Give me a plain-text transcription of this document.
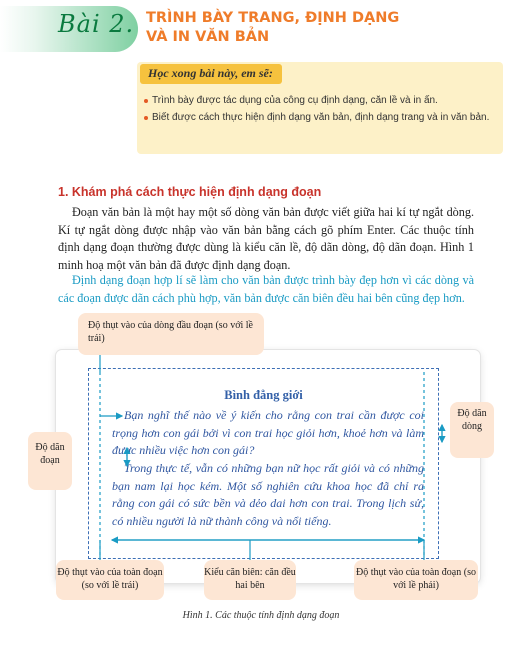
Bài 2. TRÌNH BÀY TRANG, ĐỊNH DẠNG
VÀ IN VĂN BẢN
Học xong bài này, em sẽ:
Trình bày được tác dụng của công cụ định dạng, căn lề và in ấn.
Biết được cách thực hiện định dạng văn bản, định dạng trang và in văn bản.
1. Khám phá cách thực hiện định dạng đoạn

Đoạn văn bản là một hay một số dòng văn bản được viết giữa hai kí tự ngắt dòng. Kí tự ngắt dòng được nhập vào văn bản bằng cách gõ phím Enter. Các thuộc tính định dạng đoạn thường được dùng là kiểu căn lề, độ dãn dòng, độ dãn đoạn. Hình 1 minh hoạ một văn bản đã được định dạng đoạn.

Định dạng đoạn hợp lí sẽ làm cho văn bản được trình bày đẹp hơn vì các dòng và các đoạn được dãn cách phù hợp, văn bản được căn biên đều hai bên cũng đẹp hơn.

Bình đẳng giới

Bạn nghĩ thế nào về ý kiến cho rằng con trai cần được coi trọng hơn con gái bởi vì con trai học giỏi hơn, khoẻ hơn và làm được nhiều việc hơn con gái?

Trong thực tế, vẫn có những bạn nữ học rất giỏi và có những bạn nam lại học kém. Một số nghiên cứu khoa học đã chỉ ra rằng con gái có sức bền và dẻo dai hơn con trai. Trong lịch sử, có nhiều người là nữ thành công và nổi tiếng.

Độ thụt vào của dòng đầu đoạn (so với lề trái)
Độ dãn dòng
Độ dãn đoạn
Độ thụt vào của toàn đoạn (so với lề trái)
Kiểu căn biên: căn đều hai bên
Độ thụt vào của toàn đoạn (so với lề phải)
Hình 1. Các thuộc tính định dạng đoạn
